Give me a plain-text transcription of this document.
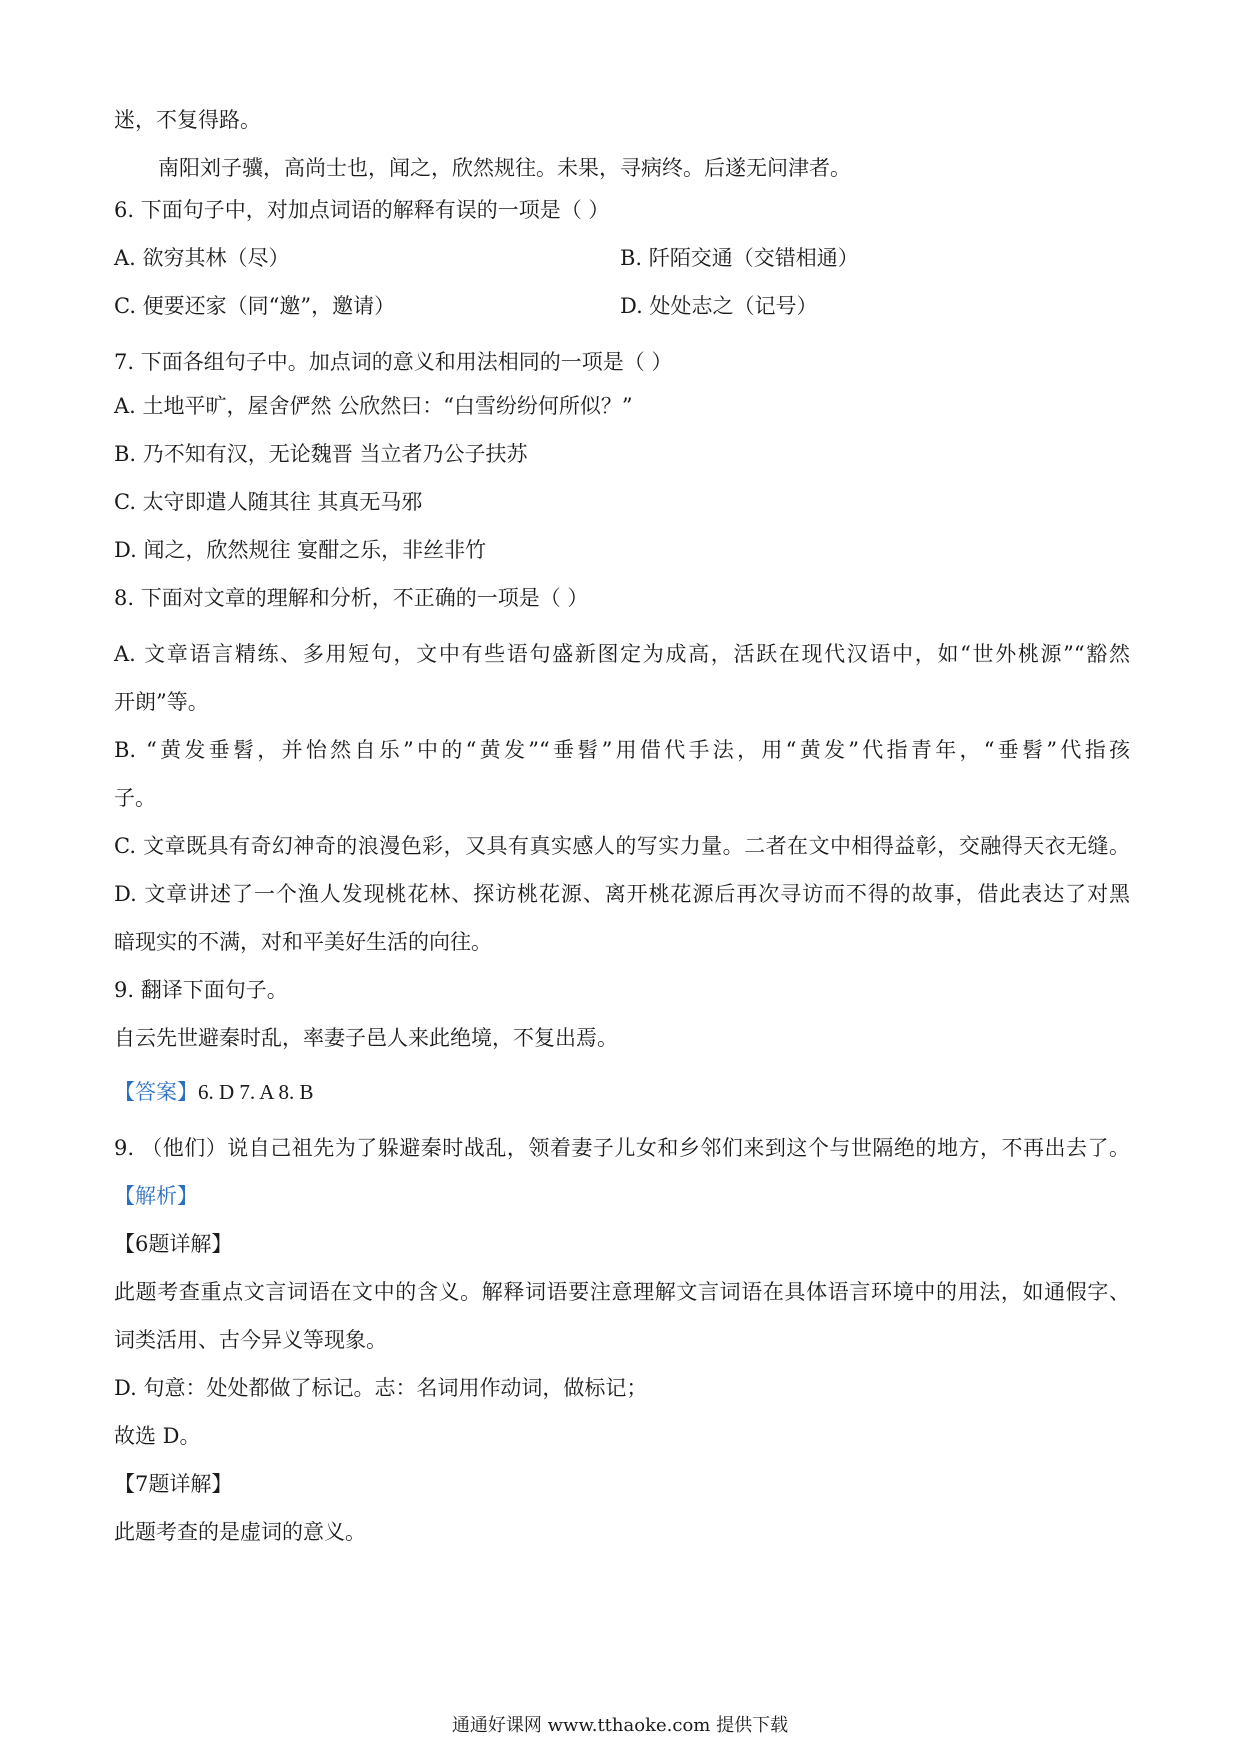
迷，不复得路。
南阳刘子骥，高尚士也，闻之，欣然规往。未果，寻病终。后遂无问津者。
6. 下面句子中，对加点词语的解释有误的一项是（ ）
A. 欲穷其林（尽）	B. 阡陌交通（交错相通）
C. 便要还家（同“邀”，邀请）	D. 处处志之（记号）
7. 下面各组句子中。加点词的意义和用法相同的一项是（ ）
A. 土地平旷，屋舍俨然 公欣然曰：“白雪纷纷何所似？”
B. 乃不知有汉，无论魏晋 当立者乃公子扶苏
C. 太守即遣人随其往 其真无马邪
D. 闻之，欣然规往 宴酣之乐，非丝非竹
8. 下面对文章的理解和分析，不正确的一项是（ ）
A. 文章语言精练、多用短句，文中有些语句盛新图定为成高，活跃在现代汉语中，如“世外桃源”“豁然
开朗”等。
B. “黄发垂髫，并怡然自乐”中的“黄发”“垂髫”用借代手法，用“黄发”代指青年，“垂髫”代指孩
子。
C. 文章既具有奇幻神奇的浪漫色彩，又具有真实感人的写实力量。二者在文中相得益彰，交融得天衣无缝。
D. 文章讲述了一个渔人发现桃花林、探访桃花源、离开桃花源后再次寻访而不得的故事，借此表达了对黑
暗现实的不满，对和平美好生活的向往。
9. 翻译下面句子。
自云先世避秦时乱，率妻子邑人来此绝境，不复出焉。
【答案】6. D 7. A 8. B
9. （他们）说自己祖先为了躲避秦时战乱，领着妻子儿女和乡邻们来到这个与世隔绝的地方，不再出去了。
【解析】
【6题详解】
此题考查重点文言词语在文中的含义。解释词语要注意理解文言词语在具体语言环境中的用法，如通假字、
词类活用、古今异义等现象。
D. 句意：处处都做了标记。志：名词用作动词，做标记；
故选 D。
【7题详解】
此题考查的是虚词的意义。
通通好课网 www.tthaoke.com 提供下载
